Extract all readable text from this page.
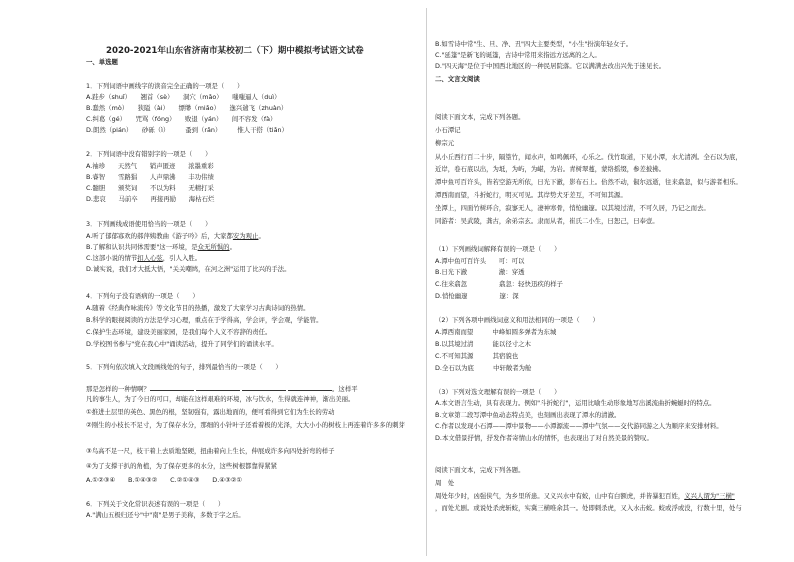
2020-2021年山东省济南市某校初二（下）期中模拟考试语文试卷
一、单选题
1．下列词语中画线字的读音完全正确的一项是（　　）
A.跬步（shuǐ）　　翘首（sè）　　洞穴（mǎo）　　嗤嗤逼人（duì）
B.蠢然（mò）　　狭隘（ài）　　缥缈（miǎo）　　逸兴遄飞（zhuàn）
C.纠葛（gé）　　咒骂（fóng）　　败退（yán）　　间不容发（fà）
D.朗然（pián）　　砂砾（ì）　　　蚤到（rǎn）　　　惟人干搭（tiǎn）
2．下列词语中没有错别字的一项是（　　）
A.袖珍　　天然气　　销声匿迹　　浓墨重彩
B.睿智　　雪路猖　　人声鼎沸　　丰功伟绩
C.髓胆　　颁奖词　　不以为料　　无精打采
D.悲哀　　马前卒　　再接再励　　海枯石烂
3．下列画线成语使用恰当的一项是（　　）
A.听了郁郁寡欢的郝萍姨教曲《游子吟》后，大家都安为观止。
B.了解和认识共同体需要"这一环境，是众无所惧的。
C.这部小说的情节扣人心弦，引人入胜。
D.诚实说，我们才大抵大悟，"关关嘲鸠，在河之洲"运用了比兴的手法。
4．下列句子没有语病的一项是（　　）
A.随着《经典作咏流传》等文化节目的热播，激发了大家学习古典诗词的热情。
B.科学的眼视阅读的方法是学习心理，重点在于学得高，学会评，学会观，学能管。
C.保护生态环境，建设美丽家园，是我们每个人义不容辞的责任。
D.学校图书参与"党在我心中"诵读活动，提升了同学们的诵读水平。
5．下列句依次填入文段画线处的句子，排列最恰当的一项是（　　）
那是怎样的一种情啊？	。这样平
凡的事生人，为了今日的可口，却能在这样艰难的环境，冰与饮水，生得就连神神，渐出美丽。
①推进土层里的英色、黑色的根，坚韧强有，露出地面的，便可看得到它们为生长的劳动
②刚生的小枝长不足寸，为了保存水分，那细的小针叶子还看着极的光泽，大大小小的树枝上再连着许多多的刺芽
③鸟高不足一尺，枝干着上去质地坚硬，扭曲着向上生长，伸展成许多向四处折弯的样子
④为了支撑干扒的角植，为了保存更多的水分，这些树根都靠得紧紧
A.①②③④　　B.①④③②　　C.②①④③　　D.④③②①
6．下列关于文化常识表述有误的一项是（　　）
A."满山五极归还兮"中"南"是男子美称，多数于字之后。
B.如雪诗中常"生、旦、净、丑"四大主要类型，"小生"扮演年轻女子。
C."延篷"是新飞的诞篷，古诗中常用来指远方远离的之人。
D."四天海"是位于中国西北地区的一种民居院落。它以满满去改出兴先于迷见长。
二、文言文阅读
阅读下面文本，完成下列各题。
小石潭记
柳宗元
从小丘西行百二十步，隔篁竹，闻水声，如鸣佩环，心乐之。伐竹取道，下见小潭，水尤清冽。全石以为底，
近岸，卷石底以出，为坻，为屿，为嵁，为岩。青树翠蔓，蒙络摇缀，参差披拂。
潭中鱼可百许头，皆若空游无所依，日光下澈，影布石上。佁然不动，俶尔远逝，往来翕忽，似与游者相乐。
潭西南而望，斗折蛇行，明灭可见。其岸势犬牙差互，不可知其源。
坐潭上，四面竹树环合，寂寥无人，凄神寒骨，悄怆幽邃。以其境过清，不可久居，乃记之而去。
同游者：吴武陵，龚古，余弟宗玄。隶而从者，崔氏二小生，曰恕己，曰奉壹。
（1）下列画线词解释有误的一项是（　　）
A.潭中鱼可百许头　　可：可以
B.日光下澈　　　　　澈：穿透
C.往来翕忽　　　　　翕忽：轻快迅疾的样子
D.悄怆幽邃　　　　　邃：深
（2）下列各项中画线词意义和用法相同的一项是（　　）
A.潭西南而望　　　中峰如圆多弹者为东城
B.以其境过清　　　能以径寸之木
C.不可知其源　　　其宿貌也
D.全石以为底　　　中轩敞者为舱
（3）下列对选文理解有误的一项是（　　）
A.本文语言生动，具有表现力。例如"斗折蛇行"，运用比喻生动形象地写出溪流曲折蜿蜒时的特点。
B.文章第二段写潭中鱼动态特点美，也刻画出表现了潭水的清澈。
C.作者以发现小石潭——潭中景物——小潭源流——潭中气氛——交代游同游之人为顺序来安排材料。
D.本文借景抒情，抒发作者寄情山水的情怀，也表现出了对自然美景的赞叹。
阅读下面文本，完成下列各题。
周　处
周处年少时，凶强侠气，为乡里所患。又义兴水中有蛟，山中有白额虎，并皆暴犯百姓，义兴人谓为"三横"
，而处尤剧。或说处杀虎斩蛟，实冀三横唯余其一。处即刺杀虎，又入水击蛟。蛟或浮或没，行数十里，处与
